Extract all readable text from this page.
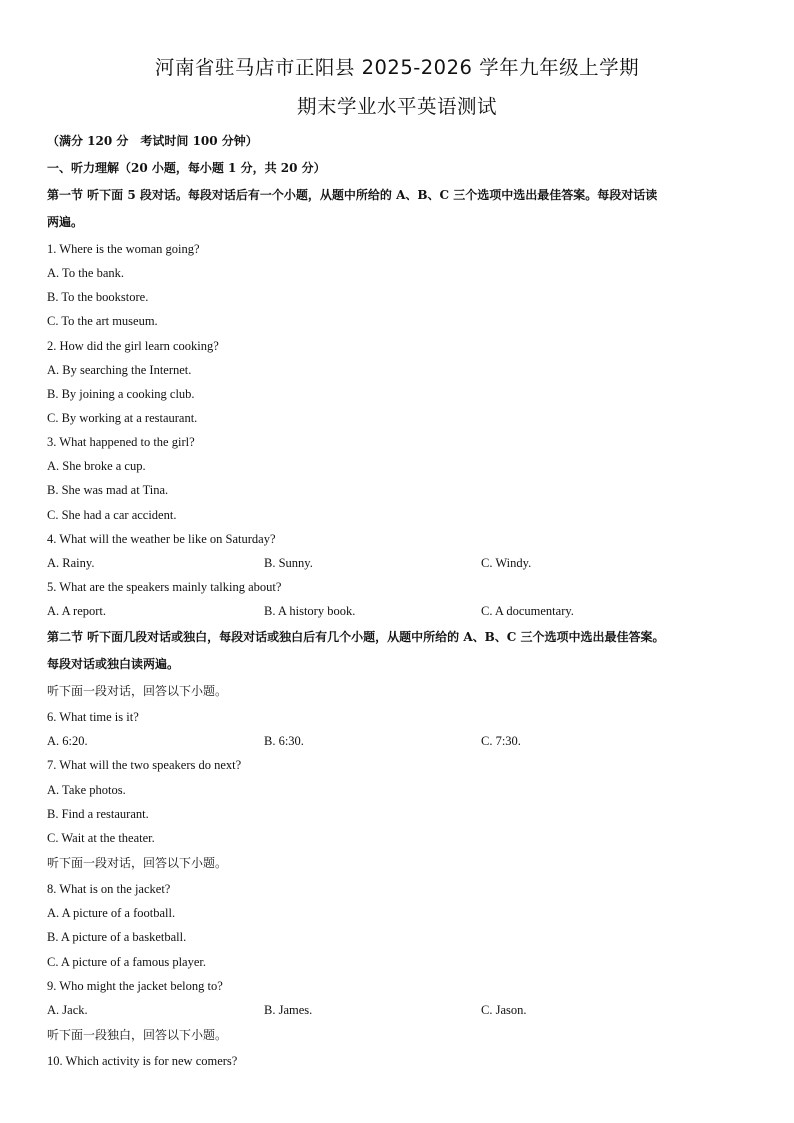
河南省驻马店市正阳县 2025-2026 学年九年级上学期
期末学业水平英语测试
（满分 120 分　考试时间 100 分钟）
一、听力理解（20 小题，每小题 1 分，共 20 分）
第一节 听下面 5 段对话。每段对话后有一个小题，从题中所给的 A、B、C 三个选项中选出最佳答案。每段对话读
两遍。
1. Where is the woman going?
A. To the bank.
B. To the bookstore.
C. To the art museum.
2. How did the girl learn cooking?
A. By searching the Internet.
B. By joining a cooking club.
C. By working at a restaurant.
3. What happened to the girl?
A. She broke a cup.
B. She was mad at Tina.
C. She had a car accident.
4. What will the weather be like on Saturday?
A. Rainy.	B. Sunny.	C. Windy.
5. What are the speakers mainly talking about?
A. A report.	B. A history book.	C. A documentary.
第二节 听下面几段对话或独白，每段对话或独白后有几个小题，从题中所给的 A、B、C 三个选项中选出最佳答案。
每段对话或独白读两遍。
听下面一段对话，回答以下小题。
6. What time is it?
A. 6:20.	B. 6:30.	C. 7:30.
7. What will the two speakers do next?
A. Take photos.
B. Find a restaurant.
C. Wait at the theater.
听下面一段对话，回答以下小题。
8. What is on the jacket?
A. A picture of a football.
B. A picture of a basketball.
C. A picture of a famous player.
9. Who might the jacket belong to?
A. Jack.	B. James.	C. Jason.
听下面一段独白，回答以下小题。
10. Which activity is for new comers?
